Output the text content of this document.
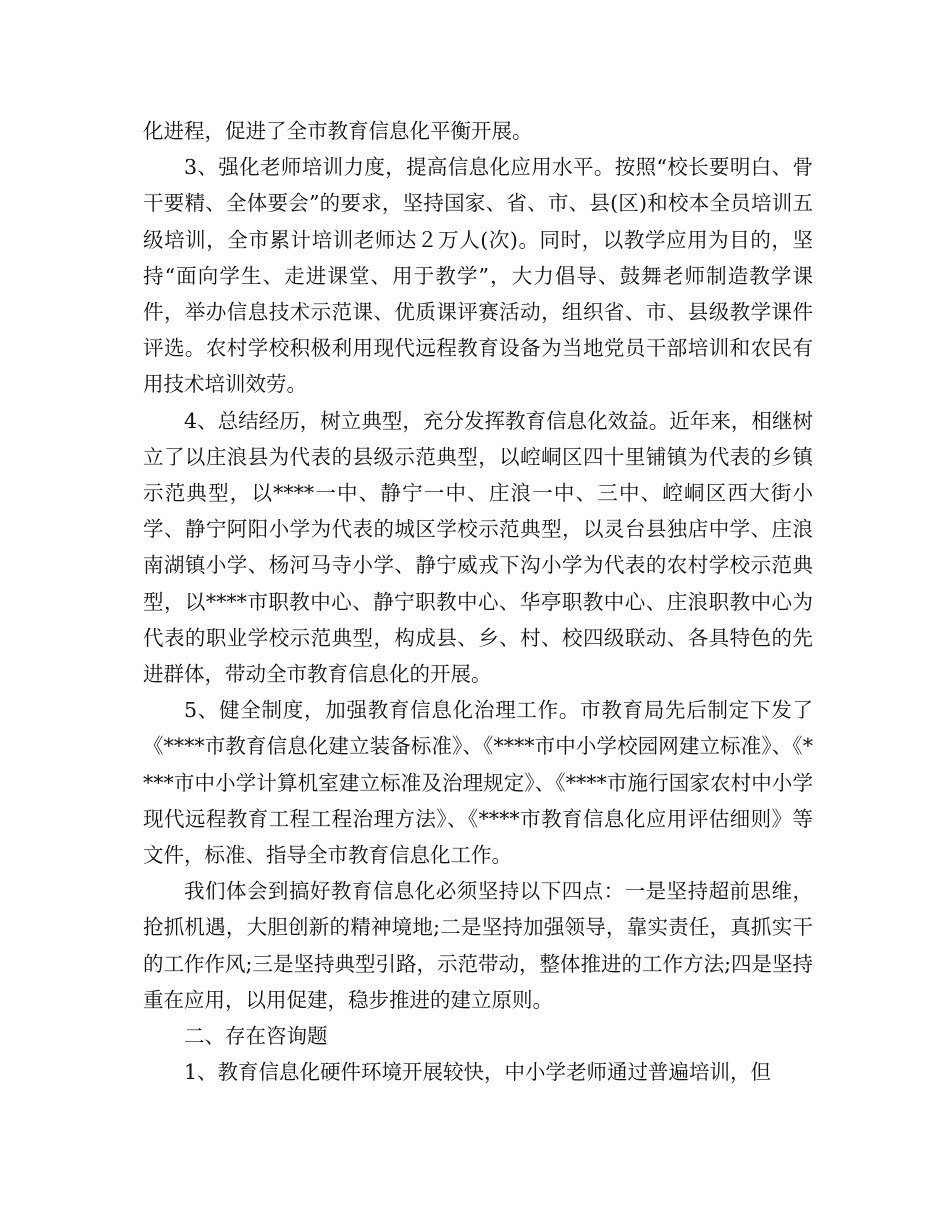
化进程，促进了全市教育信息化平衡开展。

3、强化老师培训力度，提高信息化应用水平。按照“校长要明白、骨干要精、全体要会”的要求，坚持国家、省、市、县(区)和校本全员培训五级培训，全市累计培训老师达２万人(次)。同时，以教学应用为目的，坚持“面向学生、走进课堂、用于教学”，大力倡导、鼓舞老师制造教学课件，举办信息技术示范课、优质课评赛活动，组织省、市、县级教学课件评选。农村学校积极利用现代远程教育设备为当地党员干部培训和农民有用技术培训效劳。

4、总结经历，树立典型，充分发挥教育信息化效益。近年来，相继树立了以庄浪县为代表的县级示范典型，以崆峒区四十里铺镇为代表的乡镇示范典型，以****一中、静宁一中、庄浪一中、三中、崆峒区西大街小学、静宁阿阳小学为代表的城区学校示范典型，以灵台县独店中学、庄浪南湖镇小学、杨河马寺小学、静宁威戎下沟小学为代表的农村学校示范典型，以****市职教中心、静宁职教中心、华亭职教中心、庄浪职教中心为代表的职业学校示范典型，构成县、乡、村、校四级联动、各具特色的先进群体，带动全市教育信息化的开展。

5、健全制度，加强教育信息化治理工作。市教育局先后制定下发了《****市教育信息化建立装备标准》、《****市中小学校园网建立标准》、《****市中小学计算机室建立标准及治理规定》、《****市施行国家农村中小学现代远程教育工程工程治理方法》、《****市教育信息化应用评估细则》等文件，标准、指导全市教育信息化工作。

我们体会到搞好教育信息化必须坚持以下四点：一是坚持超前思维，抢抓机遇，大胆创新的精神境地;二是坚持加强领导，靠实责任，真抓实干的工作作风;三是坚持典型引路，示范带动，整体推进的工作方法;四是坚持重在应用，以用促建，稳步推进的建立原则。

二、存在咨询题

1、教育信息化硬件环境开展较快，中小学老师通过普遍培训，但
